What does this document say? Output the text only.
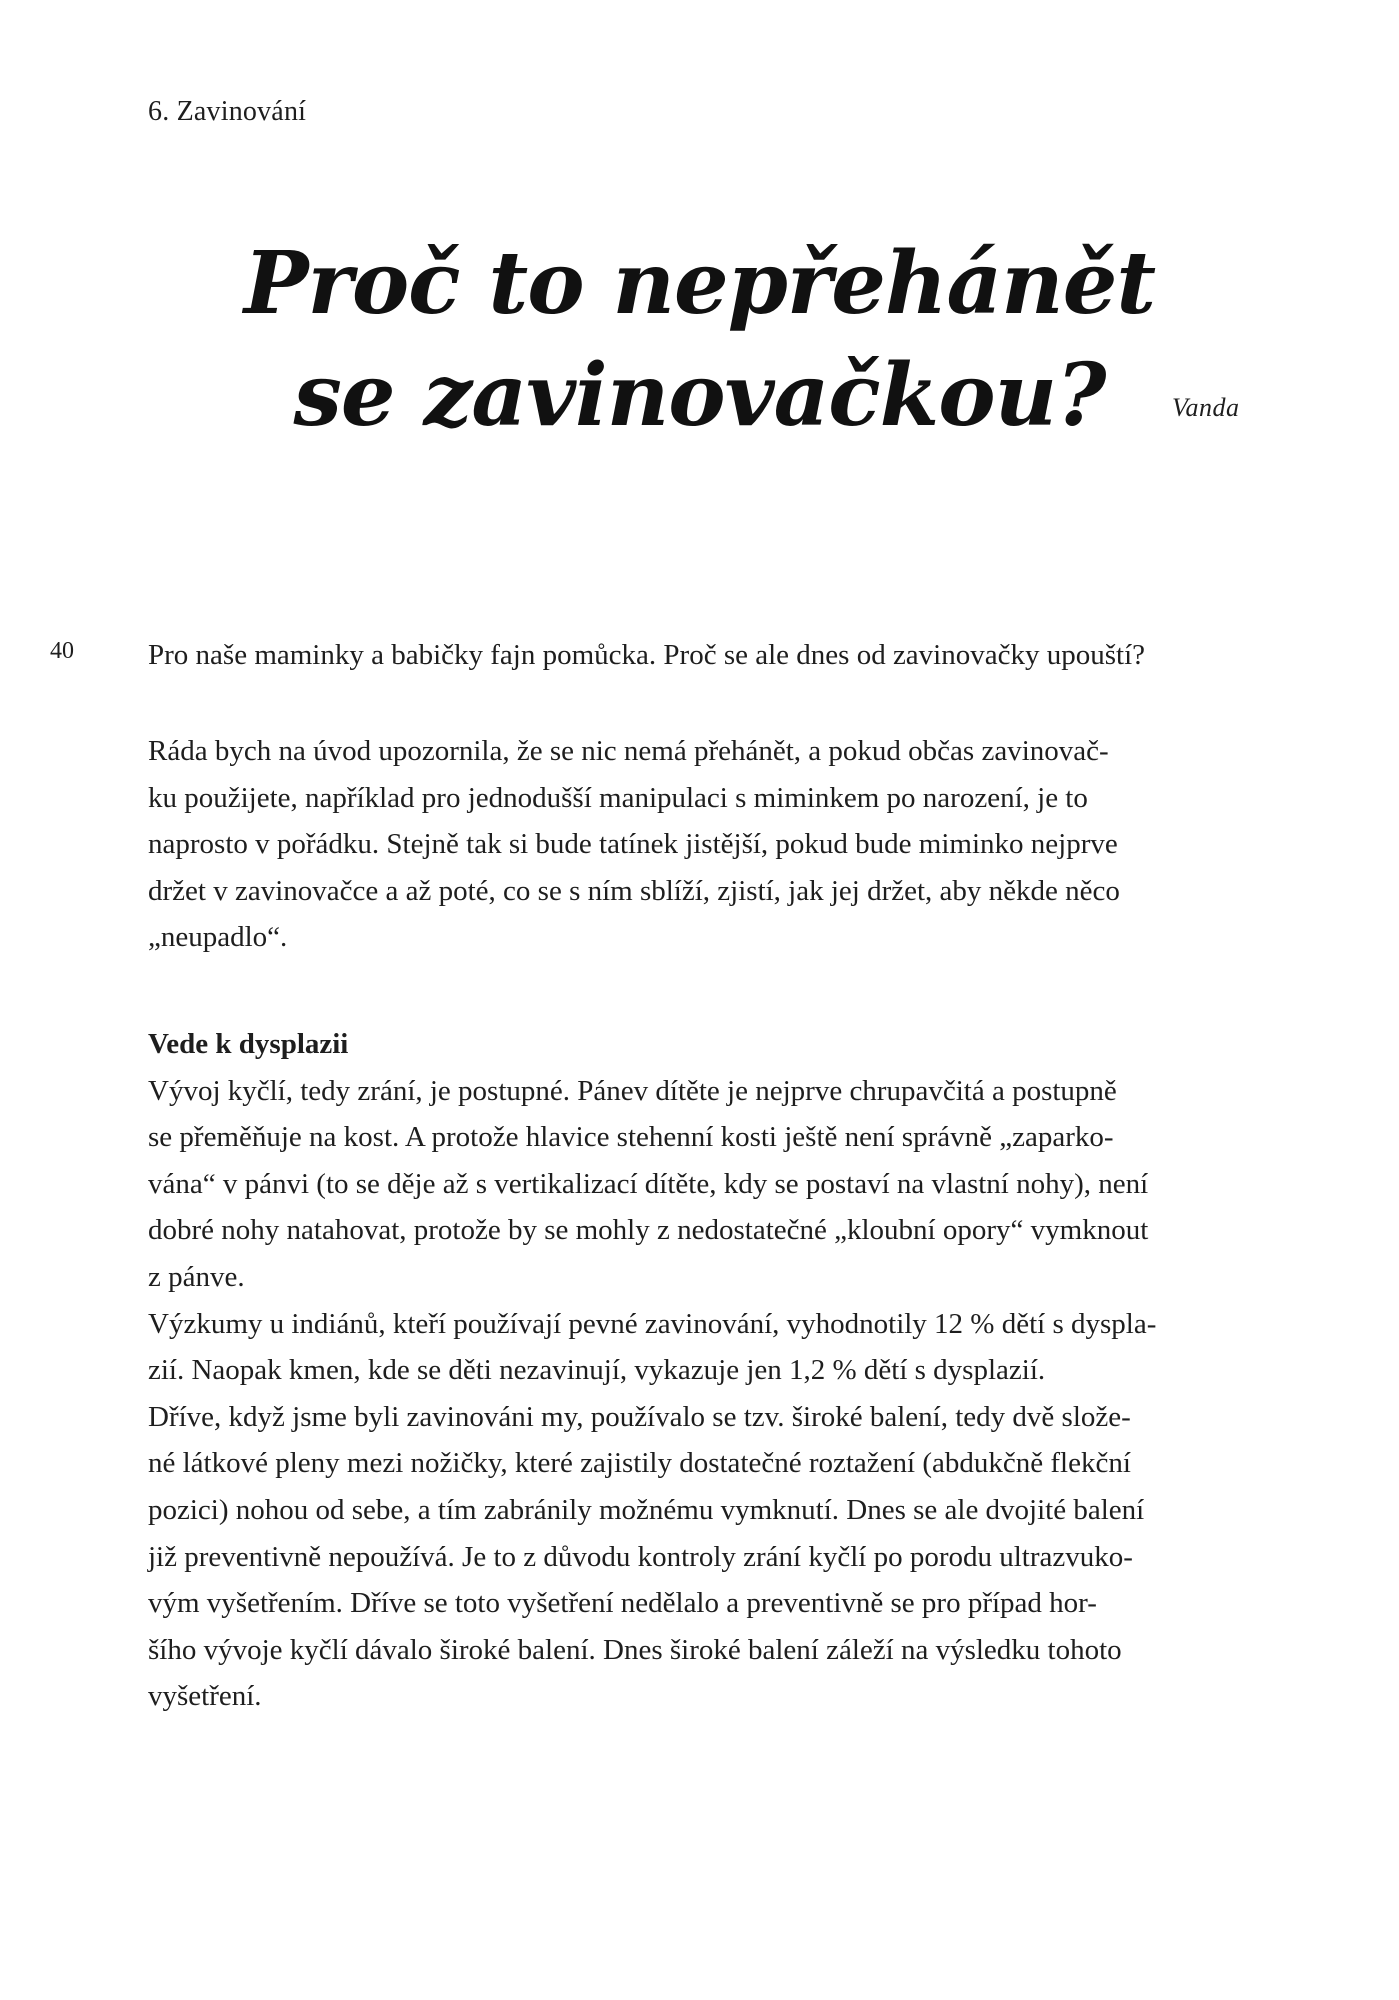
6. Zavinování
Proč to nepřehánět
se zavinovačkou?	Vanda
40	Pro naše maminky a babičky fajn pomůcka. Proč se ale dnes od zavinovačky upouští?

Ráda bych na úvod upozornila, že se nic nemá přehánět, a pokud občas zavinovač-
ku použijete, například pro jednodušší manipulaci s miminkem po narození, je to
naprosto v pořádku. Stejně tak si bude tatínek jistější, pokud bude miminko nejprve
držet v zavinovačce a až poté, co se s ním sblíží, zjistí, jak jej držet, aby někde něco
„neupadlo“.

Vede k dysplazii
Vývoj kyčlí, tedy zrání, je postupné. Pánev dítěte je nejprve chrupavčitá a postupně
se přeměňuje na kost. A protože hlavice stehenní kosti ještě není správně „zaparko-
vána“ v pánvi (to se děje až s vertikalizací dítěte, kdy se postaví na vlastní nohy), není
dobré nohy natahovat, protože by se mohly z nedostatečné „kloubní opory“ vymknout
z pánve.
Výzkumy u indiánů, kteří používají pevné zavinování, vyhodnotily 12 % dětí s dyspla-
zií. Naopak kmen, kde se děti nezavinují, vykazuje jen 1,2 % dětí s dysplazií.
Dříve, když jsme byli zavinováni my, používalo se tzv. široké balení, tedy dvě slože-
né látkové pleny mezi nožičky, které zajistily dostatečné roztažení (abdukčně flekční
pozici) nohou od sebe, a tím zabránily možnému vymknutí. Dnes se ale dvojité balení
již preventivně nepoužívá. Je to z důvodu kontroly zrání kyčlí po porodu ultrazvuko-
vým vyšetřením. Dříve se toto vyšetření nedělalo a preventivně se pro případ hor-
šího vývoje kyčlí dávalo široké balení. Dnes široké balení záleží na výsledku tohoto
vyšetření.
